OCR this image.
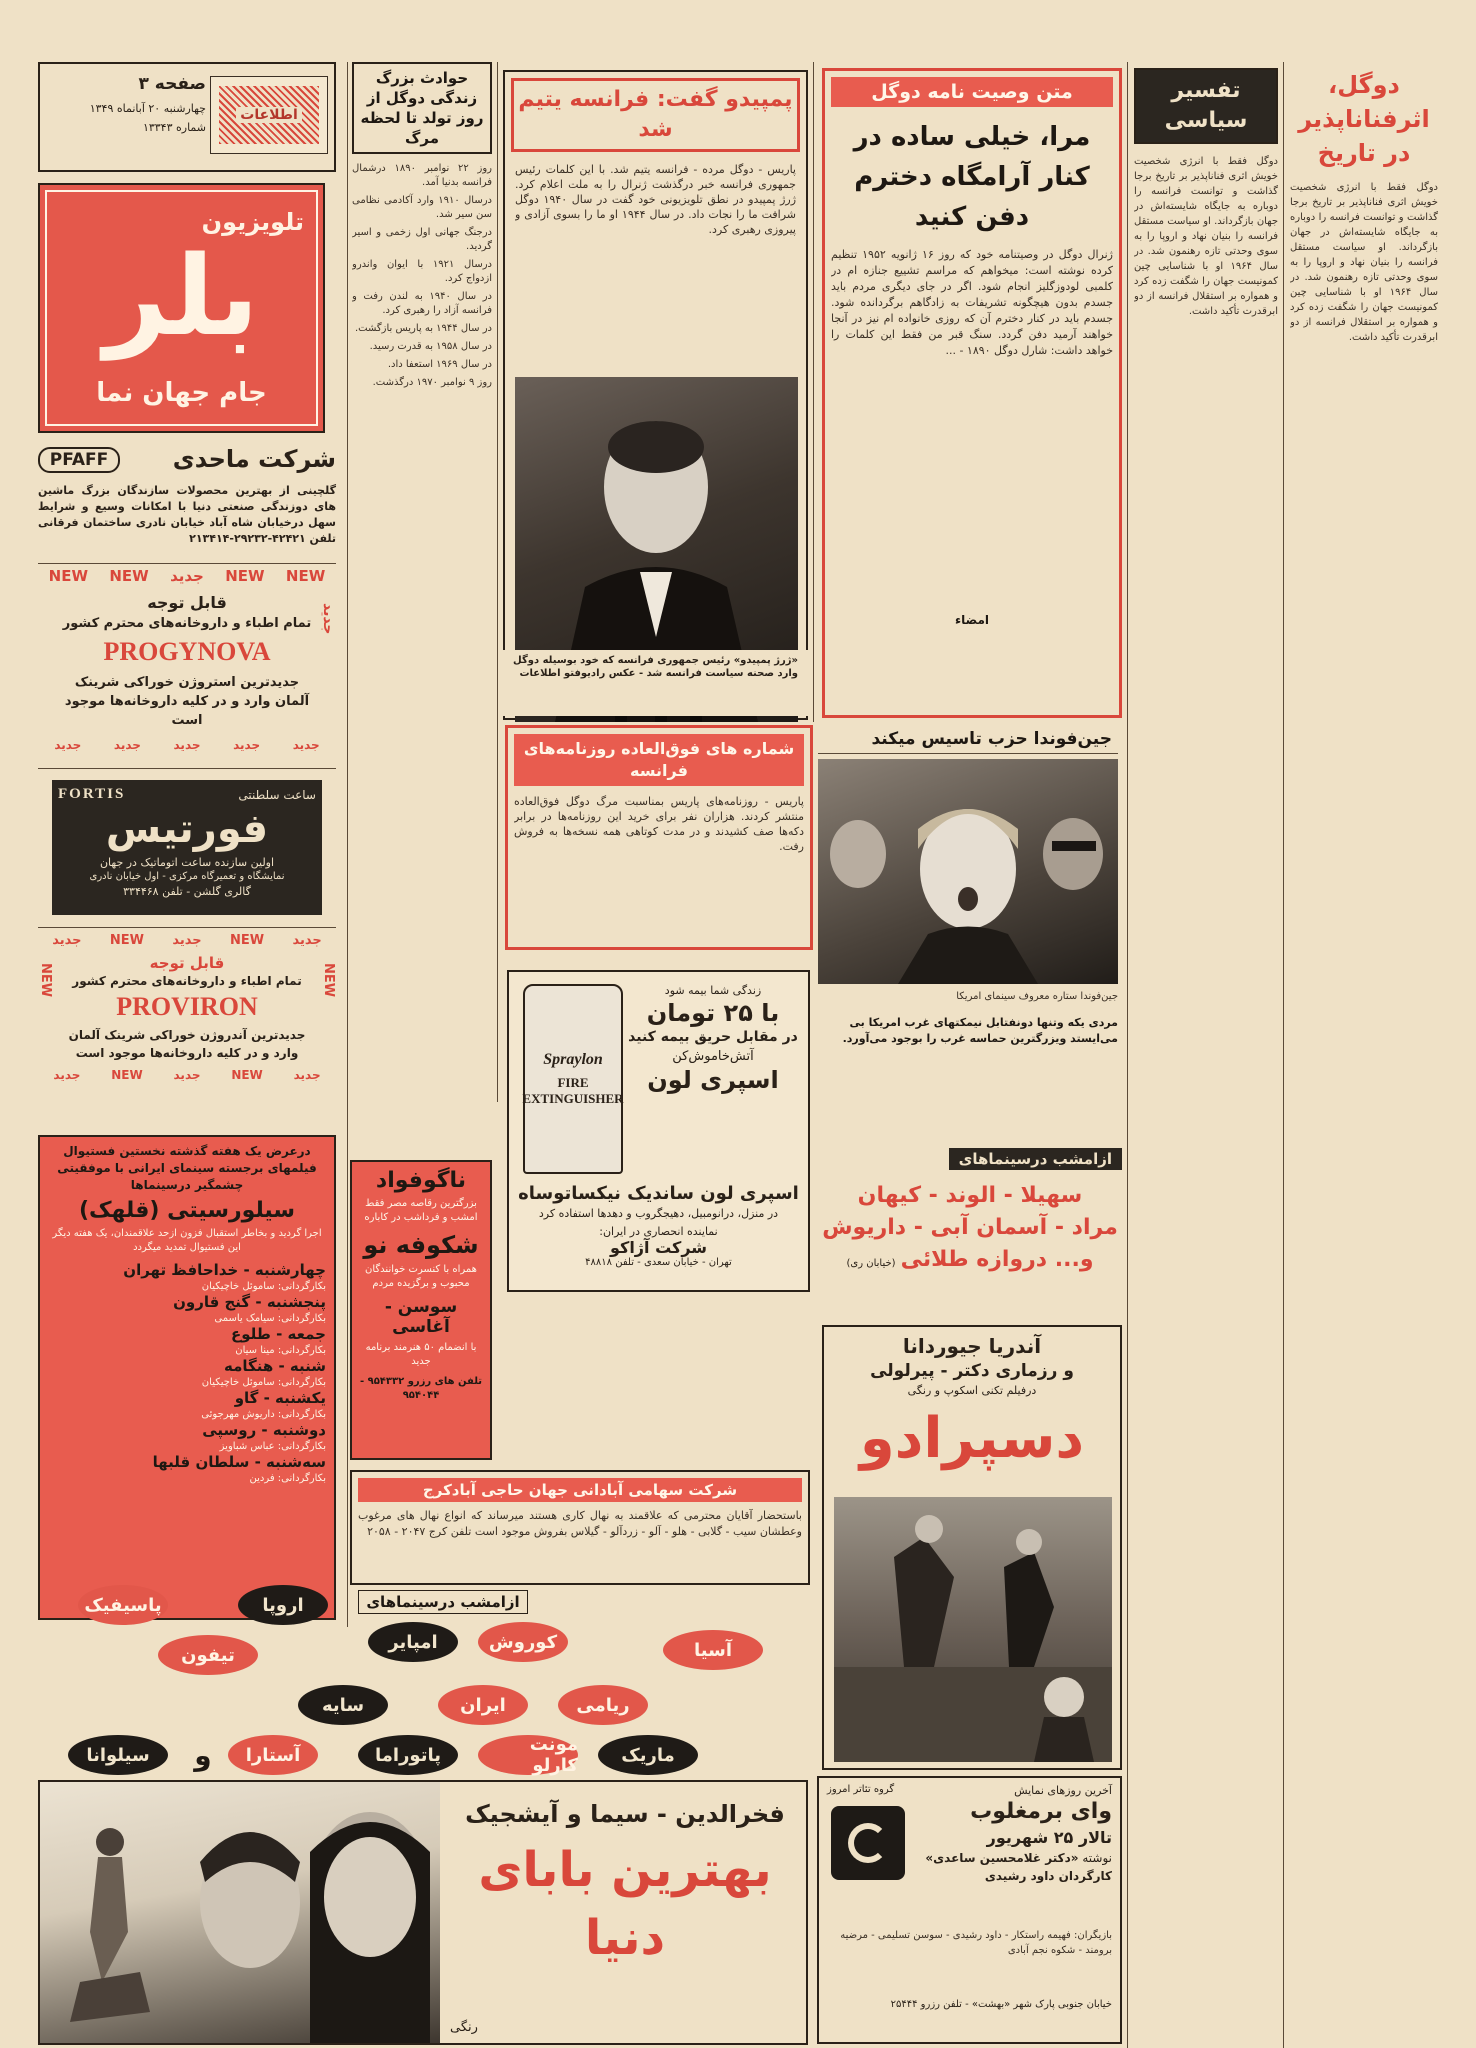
اطلاعات
صفحه ۳
چهارشنبه ۲۰ آبانماه ۱۳۴۹
شماره ۱۳۳۴۳
تلویزیون
بلر
جام جهان نما
PFAFF	شرکت ماحدی
گلچینی از بهترین محصولات سازندگان بزرگ ماشین های دوزندگی صنعتی دنیا با امکانات وسیع و شرایط سهل درخیابان شاه آباد خیابان نادری ساختمان فرقانی تلفن ۴۲۴۲۱-۲۹۲۳۲-۲۱۳۴۱۴
NEW NEW جدید NEW NEW
جدید
قابل توجه
تمام اطباء و داروخانه‌های محترم کشور
PROGYNOVA
جدیدترین استروژن خوراکی شرینک آلمان وارد و در کلیه داروخانه‌ها موجود است
جدید
جدید
جدید
جدید
جدید
FORTIS	ساعت سلطنتی
فورتیس
اولین سازنده ساعت اتوماتیک در جهان
نمایشگاه و تعمیرگاه مرکزی - اول خیابان نادری
گالری گلشن - تلفن ۳۳۴۴۶۸
جدید
NEW
جدید
NEW
جدید
NEW	NEW
قابل توجه
تمام اطباء و داروخانه‌های محترم کشور
PROVIRON
جدیدترین آندروژن خوراکی شرینک آلمان وارد و در کلیه داروخانه‌ها موجود است
جدید
NEW
جدید
NEW
جدید
درعرض یک هفته گذشته نخستین فستیوال فیلمهای برجسته سینمای ایرانی با موفقیتی چشمگیر درسینماها
سیلورسیتی (قلهک)
اجرا گردید و بخاطر استقبال فزون ازحد علاقمندان، یک هفته دیگر این فستیوال تمدید میگردد
چهارشنبه - خداحافظ تهران
بکارگردانی: ساموئل خاچیکیان
پنجشنبه - گنج قارون
بکارگردانی: سیامک یاسمی
جمعه - طلوع
بکارگردانی: مینا سیان
شنبه - هنگامه
بکارگردانی: ساموئل خاچیکیان
یکشنبه - گاو
بکارگردانی: داریوش مهرجوئی
دوشنبه - روسپی
بکارگردانی: عباس شباویز
سه‌شنبه - سلطان قلبها
بکارگردانی: فردین
حوادث بزرگ زندگی دوگل از روز تولد تا لحظه مرگ

روز ۲۲ نوامبر ۱۸۹۰ درشمال فرانسه بدنیا آمد.

درسال ۱۹۱۰ وارد آکادمی نظامی سن سیر شد.

درجنگ جهانی اول زخمی و اسیر گردید.

درسال ۱۹۲۱ با ایوان واندرو ازدواج کرد.

در سال ۱۹۴۰ به لندن رفت و فرانسه آزاد را رهبری کرد.

در سال ۱۹۴۴ به پاریس بازگشت.

در سال ۱۹۵۸ به قدرت رسید.

در سال ۱۹۶۹ استعفا داد.

روز ۹ نوامبر ۱۹۷۰ درگذشت.

ناگوفواد
بزرگترین رقاصه مصر فقط امشب و فرداشب در کاباره
شکوفه نو
همراه با کنسرت خوانندگان محبوب و برگزیده مردم
سوسن - آغاسی
با انضمام ۵۰ هنرمند برنامه جدید
تلفن های رزرو ۹۵۴۳۳۲ - ۹۵۴۰۴۴
پمپیدو گفت: فرانسه یتیم شد
پاریس - دوگل مرده - فرانسه یتیم شد. با این کلمات رئیس جمهوری فرانسه خبر درگذشت ژنرال را به ملت اعلام کرد. ژرژ پمپیدو در نطق تلویزیونی خود گفت در سال ۱۹۴۰ دوگل شرافت ما را نجات داد. در سال ۱۹۴۴ او ما را بسوی آزادی و پیروزی رهبری کرد.
«ژرژ پمپیدو» رئیس جمهوری فرانسه که خود بوسیله دوگل وارد صحنه سیاست فرانسه شد - عکس رادیوفتو اطلاعات
متن وصیت نامه دوگل
مرا، خیلی ساده در کنار آرامگاه دخترم دفن کنید
ژنرال دوگل در وصیتنامه خود که روز ۱۶ ژانویه ۱۹۵۲ تنظیم کرده نوشته است: میخواهم که مراسم تشییع جنازه ام در کلمبی لودوزگلیز انجام شود. اگر در جای دیگری مردم باید جسدم بدون هیچگونه تشریفات به زادگاهم برگردانده شود. جسدم باید در کنار دخترم آن که روزی خانواده ام نیز در آنجا خواهند آرمید دفن گردد. سنگ قبر من فقط این کلمات را خواهد داشت: شارل دوگل ۱۸۹۰ - ...
امضاء
تفسیر سیاسی
دوگل فقط با انرژی شخصیت خویش اثری فناناپذیر بر تاریخ برجا گذاشت و توانست فرانسه را دوباره به جایگاه شایسته‌اش در جهان بازگرداند. او سیاست مستقل فرانسه را بنیان نهاد و اروپا را به سوی وحدتی تازه رهنمون شد. در سال ۱۹۶۴ او با شناسایی چین کمونیست جهان را شگفت زده کرد و همواره بر استقلال فرانسه از دو ابرقدرت تأکید داشت.
دوگل، اثرفناناپذیر در تاریخ
دوگل فقط با انرژی شخصیت خویش اثری فناناپذیر بر تاریخ برجا گذاشت و توانست فرانسه را دوباره به جایگاه شایسته‌اش در جهان بازگرداند. او سیاست مستقل فرانسه را بنیان نهاد و اروپا را به سوی وحدتی تازه رهنمون شد. در سال ۱۹۶۴ او با شناسایی چین کمونیست جهان را شگفت زده کرد و همواره بر استقلال فرانسه از دو ابرقدرت تأکید داشت.
شماره های فوق‌العاده روزنامه‌های فرانسه
پاریس - روزنامه‌های پاریس بمناسبت مرگ دوگل فوق‌العاده منتشر کردند. هزاران نفر برای خرید این روزنامه‌ها در برابر دکه‌ها صف کشیدند و در مدت کوتاهی همه نسخه‌ها به فروش رفت.
Spraylon
FIRE EXTINGUISHER
زندگی شما بیمه شود
با ۲۵ تومان
در مقابل حریق بیمه کنید
آتش‌خاموش‌کن
اسپری لون
اسپری لون ساندیک نیکساتوساه
در منزل، درانومبیل، دهیجگروب و دهدها استفاده کرد
نماینده انحصاری در ایران:
شرکت آژاکو
تهران - خیابان سعدی - تلفن ۴۸۸۱۸
شرکت سهامی آبادانی جهان حاجی آبادکرج
باستحضار آقایان محترمی که علاقمند به نهال کاری هستند میرساند که انواع نهال های مرغوب وعطشان سیب - گلابی - هلو - آلو - زردآلو - گیلاس بفروش موجود است تلفن کرج ۲۰۴۷ - ۲۰۵۸
جین‌فوندا حزب تاسیس میکند
جین‌فوندا ستاره معروف سینمای امریکا
مردی یکه وتنها دونفتابل نیمکتهای غرب امریکا بی می‌ایستد ویزرگترین حماسه غرب را بوجود می‌آورد.
ازامشب درسینماهای
سهیلا - الوند - کیهان
مراد - آسمان آبی - داریوش
و... دروازه طلائی (خیابان ری)
آندریا جیوردانا
و رزماری دکتر - پیرلولی
درفیلم تکنی اسکوپ و رنگی
دسپرادو
ازامشب درسینماهای
پاسیفیک	اروپا
امپایر	کوروش
تیفون	آسیا
ریامی
ایران
سایه
ماریک
مونت کارلو
پاتوراما
آستارا
و
سیلوانا
فخرالدین - سیما و آیشجیک
بهترین بابای دنیا
رنگی
گروه تئاتر امروز	آخرین روزهای نمایش
وای برمغلوب
تالار ۲۵ شهریور
نوشته «دکتر غلامحسین ساعدی»
کارگردان داود رشیدی
بازیگران: فهیمه راستکار - داود رشیدی - سوسن تسلیمی - مرضیه برومند - شکوه نجم آبادی
خیابان جنوبی پارک شهر «بهشت» - تلفن رزرو ۲۵۴۴۴
